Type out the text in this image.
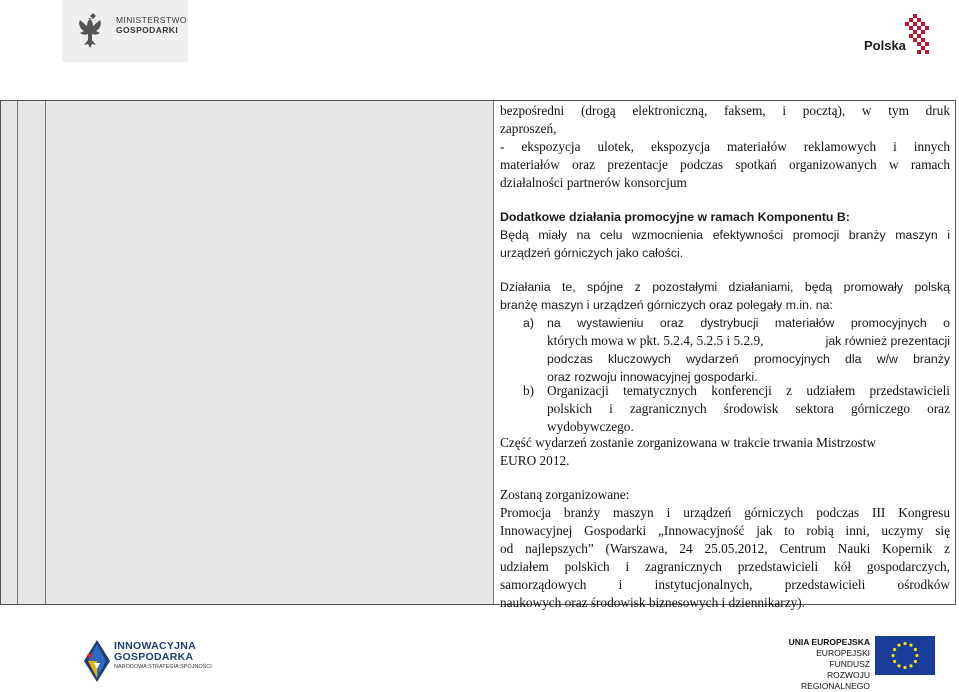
MINISTERSTWO
GOSPODARKI
Polska
bezpośredni (drogą elektroniczną, faksem, i pocztą), w tym druk
zaproszeń,
- ekspozycja ulotek, ekspozycja materiałów reklamowych i innych
materiałów oraz prezentacje podczas spotkań organizowanych w ramach
działalności partnerów konsorcjum
Dodatkowe działania promocyjne w ramach Komponentu B:
Będą miały na celu wzmocnienia efektywności promocji branży maszyn i
urządzeń górniczych jako całości.
Działania te, spójne z pozostałymi działaniami, będą promowały polską
branżę maszyn i urządzeń górniczych oraz polegały m.in. na:
a) na wystawieniu oraz dystrybucji materiałów promocyjnych o
których mowa w pkt. 5.2.4, 5.2.5 i 5.2.9,	jak również prezentacji
podczas kluczowych wydarzeń promocyjnych dla w/w branży
oraz rozwoju innowacyjnej gospodarki.
b) Organizacji tematycznych konferencji z udziałem przedstawicieli
polskich i zagranicznych środowisk sektora górniczego oraz
wydobywczego.
Część wydarzeń zostanie zorganizowana w trakcie trwania Mistrzostw
EURO 2012.
Zostaną zorganizowane:
Promocja branży maszyn i urządzeń górniczych podczas III Kongresu
Innowacyjnej Gospodarki „Innowacyjność jak to robią inni, uczymy się
od najlepszych” (Warszawa, 24 25.05.2012, Centrum Nauki Kopernik z
udziałem polskich i zagranicznych przedstawicieli kół gospodarczych,
samorządowych i instytucjonalnych, przedstawicieli ośrodków
naukowych oraz środowisk biznesowych i dziennikarzy).
INNOWACYJNA
GOSPODARKA
NARODOWA STRATEGIA SPÓJNOŚCI
UNIA EUROPEJSKA
EUROPEJSKI FUNDUSZ
ROZWOJU REGIONALNEGO
